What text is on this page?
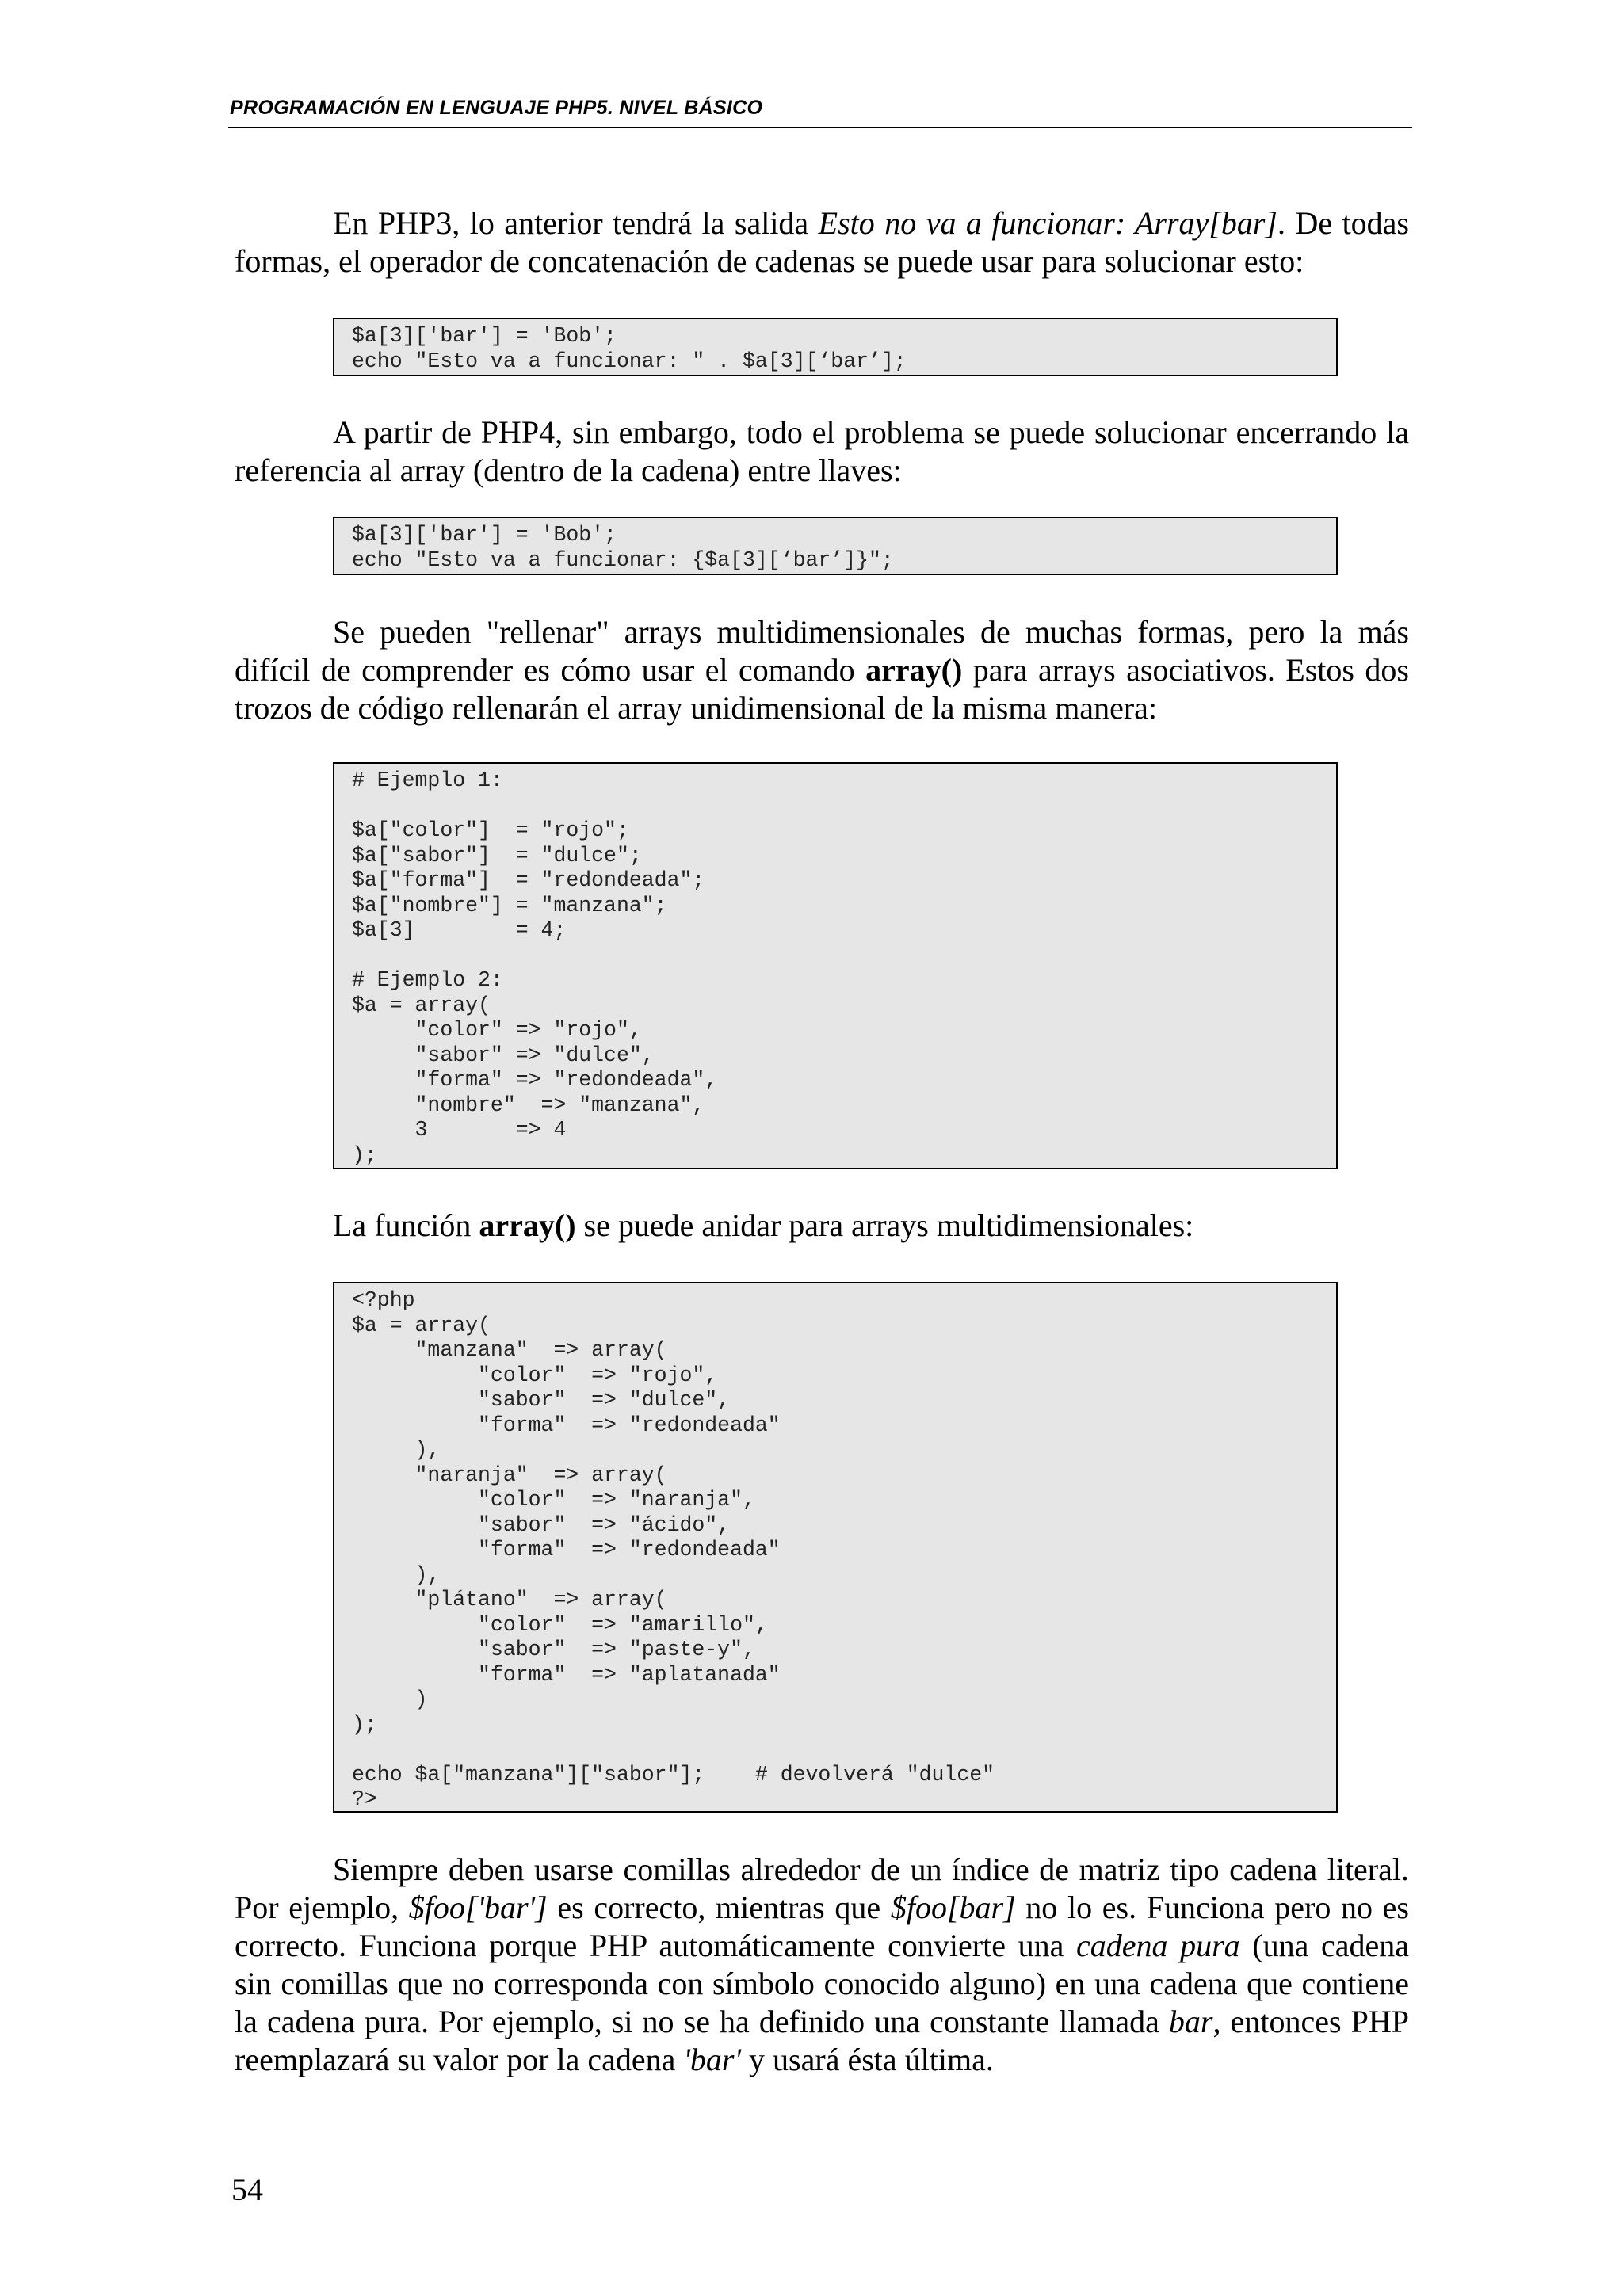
PROGRAMACIÓN EN LENGUAJE PHP5. NIVEL BÁSICO

En PHP3, lo anterior tendrá la salida Esto no va a funcionar: Array[bar]. De todas formas, el operador de concatenación de cadenas se puede usar para solucionar esto:

$a[3]['bar'] = 'Bob';
echo "Esto va a funcionar: " . $a[3][‘bar’];

A partir de PHP4, sin embargo, todo el problema se puede solucionar encerrando la referencia al array (dentro de la cadena) entre llaves:

$a[3]['bar'] = 'Bob';
echo "Esto va a funcionar: {$a[3][‘bar’]}";

Se pueden "rellenar" arrays multidimensionales de muchas formas, pero la más difícil de comprender es cómo usar el comando array() para arrays asociativos. Estos dos trozos de código rellenarán el array unidimensional de la misma manera:

# Ejemplo 1:

$a["color"]  = "rojo";
$a["sabor"]  = "dulce";
$a["forma"]  = "redondeada";
$a["nombre"] = "manzana";
$a[3]        = 4;

# Ejemplo 2:
$a = array(
"color" => "rojo",
"sabor" => "dulce",
"forma" => "redondeada",
"nombre"  => "manzana",
3       => 4
);

La función array() se puede anidar para arrays multidimensionales:

<?php
$a = array(
"manzana"  => array(
"color"  => "rojo",
"sabor"  => "dulce",
"forma"  => "redondeada"
),
"naranja"  => array(
"color"  => "naranja",
"sabor"  => "ácido",
"forma"  => "redondeada"
),
"plátano"  => array(
"color"  => "amarillo",
"sabor"  => "paste-y",
"forma"  => "aplatanada"
)
);

echo $a["manzana"]["sabor"];    # devolverá "dulce"
?>

Siempre deben usarse comillas alrededor de un índice de matriz tipo cadena literal. Por ejemplo, $foo['bar'] es correcto, mientras que $foo[bar] no lo es. Funciona pero no es correcto. Funciona porque PHP automáticamente convierte una cadena pura (una cadena sin comillas que no corresponda con símbolo conocido alguno) en una cadena que contiene la cadena pura. Por ejemplo, si no se ha definido una constante llamada bar, entonces PHP reemplazará su valor por la cadena 'bar' y usará ésta última.

54
